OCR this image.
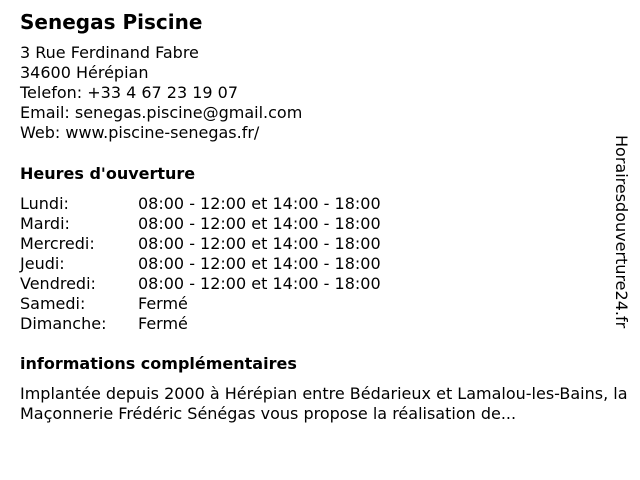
Senegas Piscine
3 Rue Ferdinand Fabre
34600 Hérépian
Telefon: +33 4 67 23 19 07
Email: senegas.piscine@gmail.com
Web: www.piscine-senegas.fr/
Heures d'ouverture
Lundi:	08:00 - 12:00 et 14:00 - 18:00
Mardi:	08:00 - 12:00 et 14:00 - 18:00
Mercredi:	08:00 - 12:00 et 14:00 - 18:00
Jeudi:	08:00 - 12:00 et 14:00 - 18:00
Vendredi:	08:00 - 12:00 et 14:00 - 18:00
Samedi:	Fermé
Dimanche: Fermé
informations complémentaires
Implantée depuis 2000 à Hérépian entre Bédarieux et Lamalou-les-Bains, la Maçonnerie Frédéric Sénégas vous propose la réalisation de...
Horairesdouverture24.fr
